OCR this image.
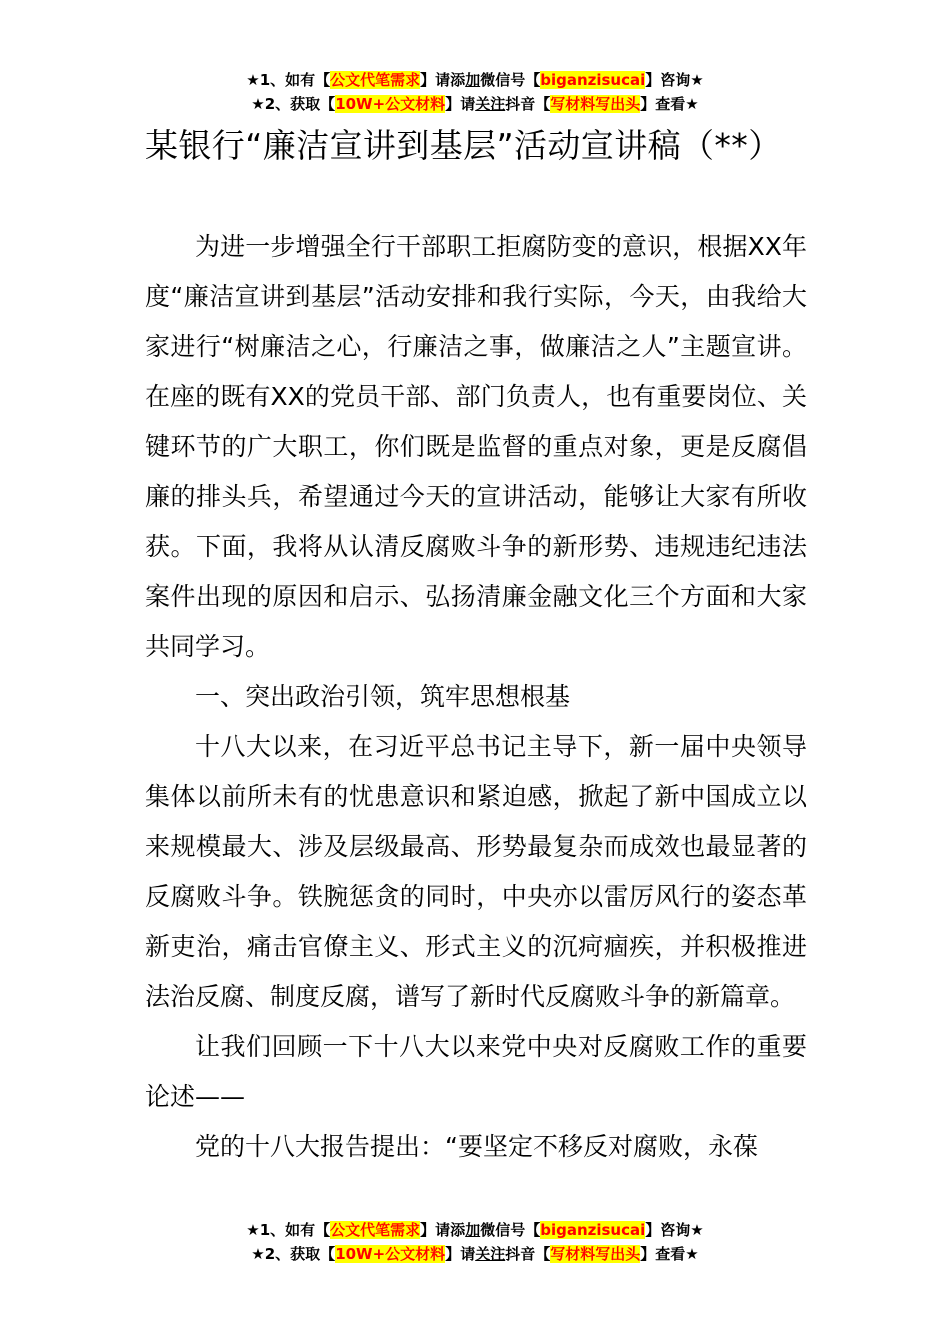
★1、如有【公文代笔需求】请添加微信号【biganzisucai】咨询★
★2、获取【10W+公文材料】请关注抖音【写材料写出头】查看★
某银行“廉洁宣讲到基层”活动宣讲稿（**）

为进一步增强全行干部职工拒腐防变的意识，根据XX年度“廉洁宣讲到基层”活动安排和我行实际，今天，由我给大家进行“树廉洁之心，行廉洁之事，做廉洁之人”主题宣讲。在座的既有XX的党员干部、部门负责人，也有重要岗位、关键环节的广大职工，你们既是监督的重点对象，更是反腐倡廉的排头兵，希望通过今天的宣讲活动，能够让大家有所收获。下面，我将从认清反腐败斗争的新形势、违规违纪违法案件出现的原因和启示、弘扬清廉金融文化三个方面和大家共同学习。

一、突出政治引领，筑牢思想根基

十八大以来，在习近平总书记主导下，新一届中央领导集体以前所未有的忧患意识和紧迫感，掀起了新中国成立以来规模最大、涉及层级最高、形势最复杂而成效也最显著的反腐败斗争。铁腕惩贪的同时，中央亦以雷厉风行的姿态革新吏治，痛击官僚主义、形式主义的沉疴痼疾，并积极推进法治反腐、制度反腐，谱写了新时代反腐败斗争的新篇章。

让我们回顾一下十八大以来党中央对反腐败工作的重要论述——

党的十八大报告提出：“要坚定不移反对腐败，永葆

★1、如有【公文代笔需求】请添加微信号【biganzisucai】咨询★
★2、获取【10W+公文材料】请关注抖音【写材料写出头】查看★
